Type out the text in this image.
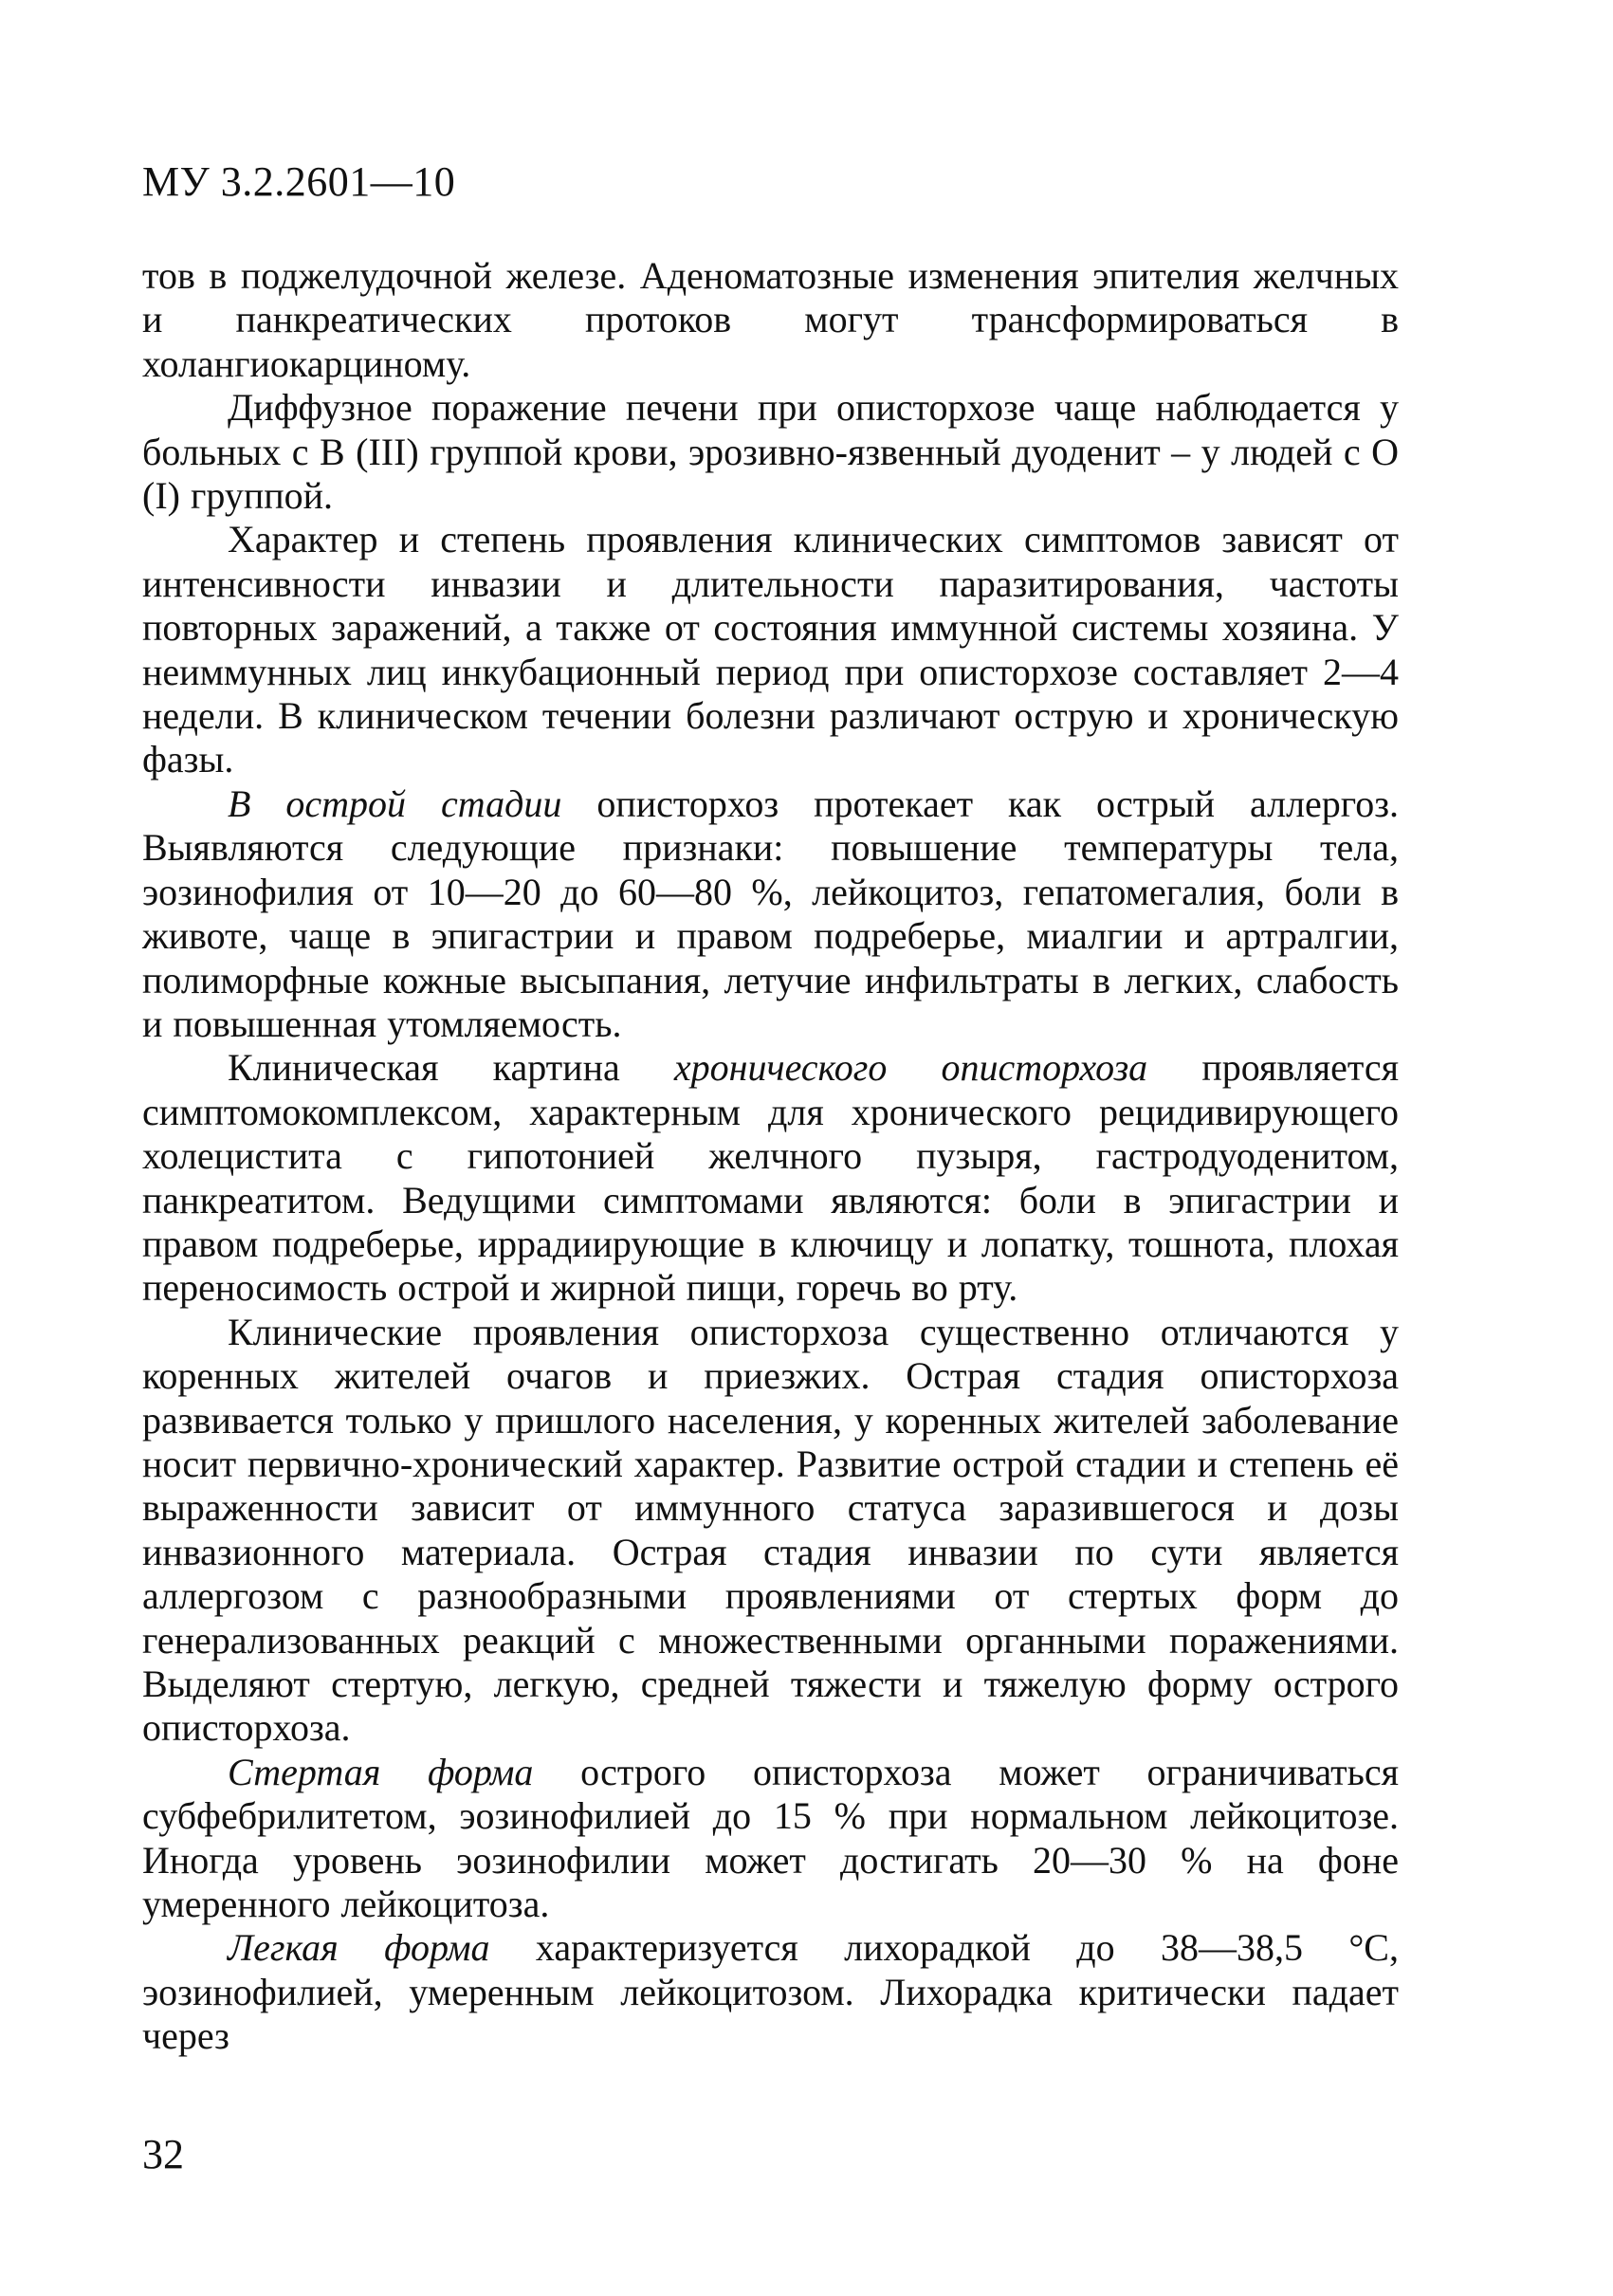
МУ 3.2.2601—10

тов в поджелудочной железе. Аденоматозные изменения эпителия желчных и панкреатических протоков могут трансформироваться в холангиокарциному.

Диффузное поражение печени при описторхозе чаще наблюдается у больных с В (III) группой крови, эрозивно-язвенный дуоденит – у людей с О (I) группой.

Характер и степень проявления клинических симптомов зависят от интенсивности инвазии и длительности паразитирования, частоты повторных заражений, а также от состояния иммунной системы хозяина. У неиммунных лиц инкубационный период при описторхозе составляет 2—4 недели. В клиническом течении болезни различают острую и хроническую фазы.

В острой стадии описторхоз протекает как острый аллергоз. Выявляются следующие признаки: повышение температуры тела, эозинофилия от 10—20 до 60—80 %, лейкоцитоз, гепатомегалия, боли в животе, чаще в эпигастрии и правом подреберье, миалгии и артралгии, полиморфные кожные высыпания, летучие инфильтраты в легких, слабость и повышенная утомляемость.

Клиническая картина хронического описторхоза проявляется симптомокомплексом, характерным для хронического рецидивирующего холецистита с гипотонией желчного пузыря, гастродуоденитом, панкреатитом. Ведущими симптомами являются: боли в эпигастрии и правом подреберье, иррадиирующие в ключицу и лопатку, тошнота, плохая переносимость острой и жирной пищи, горечь во рту.

Клинические проявления описторхоза существенно отличаются у коренных жителей очагов и приезжих. Острая стадия описторхоза развивается только у пришлого населения, у коренных жителей заболевание носит первично-хронический характер. Развитие острой стадии и степень её выраженности зависит от иммунного статуса заразившегося и дозы инвазионного материала. Острая стадия инвазии по сути является аллергозом с разнообразными проявлениями от стертых форм до генерализованных реакций с множественными органными поражениями. Выделяют стертую, легкую, средней тяжести и тяжелую форму острого описторхоза.

Стертая форма острого описторхоза может ограничиваться субфебрилитетом, эозинофилией до 15 % при нормальном лейкоцитозе. Иногда уровень эозинофилии может достигать 20—30 % на фоне умеренного лейкоцитоза.

Легкая форма характеризуется лихорадкой до 38—38,5 °С, эозинофилией, умеренным лейкоцитозом. Лихорадка критически падает через

32
